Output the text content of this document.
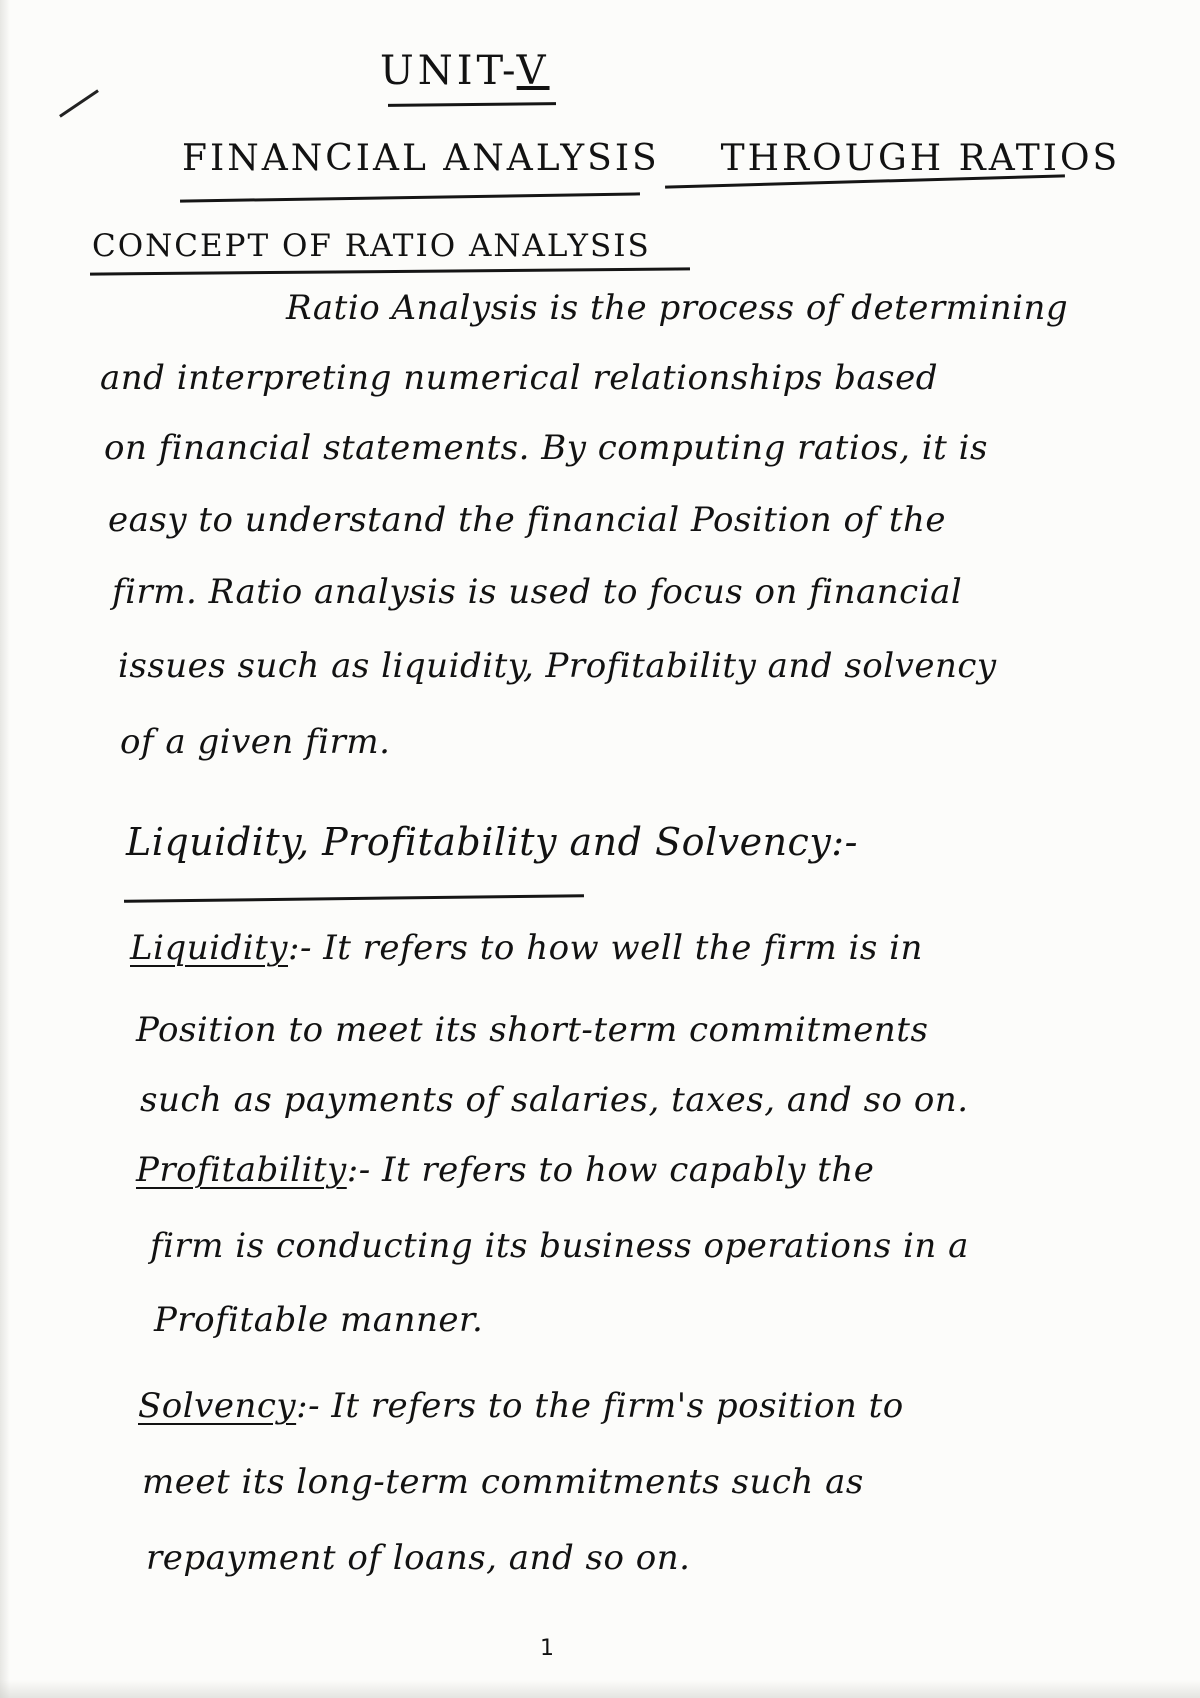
UNIT-V
FINANCIAL ANALYSIS THROUGH RATIOS
CONCEPT OF RATIO ANALYSIS
Ratio Analysis is the process of determining
and interpreting numerical relationships based
on financial statements. By computing ratios, it is
easy to understand the financial Position of the
firm. Ratio analysis is used to focus on financial
issues such as liquidity, Profitability and solvency
of a given firm.
Liquidity, Profitability and Solvency:-
Liquidity:- It refers to how well the firm is in
Position to meet its short-term commitments
such as payments of salaries, taxes, and so on.
Profitability:- It refers to how capably the
firm is conducting its business operations in a
Profitable manner.
Solvency:- It refers to the firm's position to
meet its long-term commitments such as
repayment of loans, and so on.
1
